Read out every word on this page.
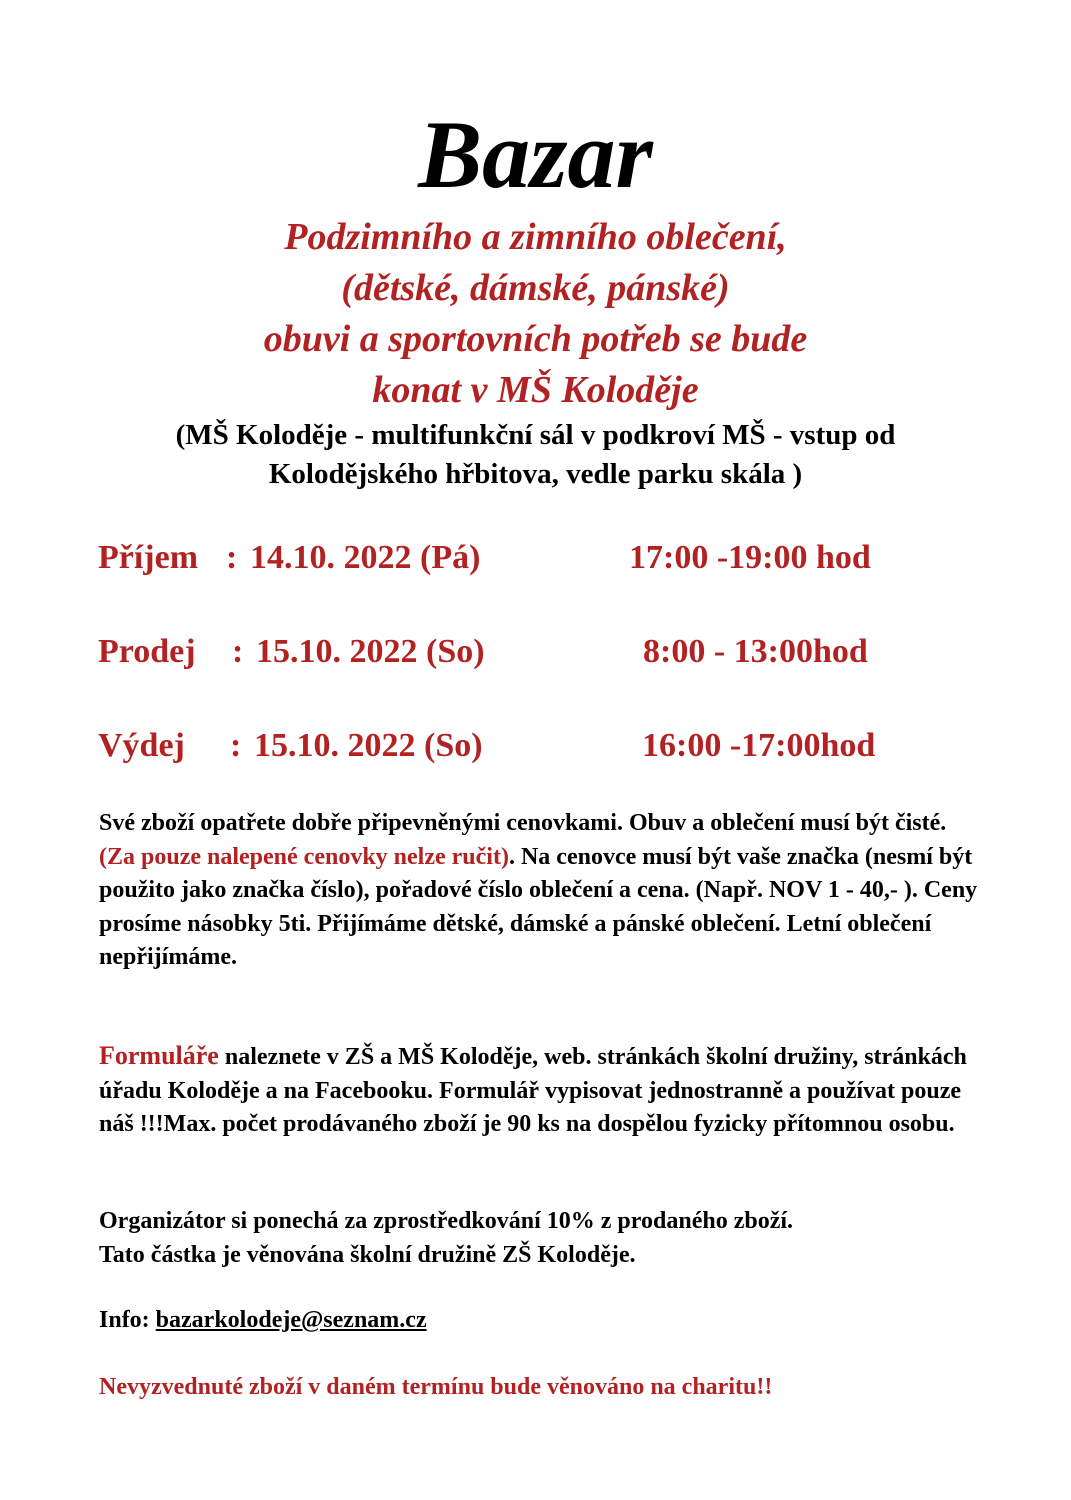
Bazar
Podzimního a zimního oblečení,
(dětské, dámské, pánské)
obuvi a sportovních potřeb se bude
konat v MŠ Koloděje
(MŠ Koloděje - multifunkční sál v podkroví MŠ - vstup od
Kolodějského hřbitova, vedle parku skála )
Příjem : 14.10. 2022 (Pá)	17:00 -19:00 hod
Prodej : 15.10. 2022 (So)	8:00 - 13:00hod
Výdej : 15.10. 2022 (So)	16:00 -17:00hod
Své zboží opatřete dobře připevněnými cenovkami. Obuv a oblečení musí být čisté. (Za pouze nalepené cenovky nelze ručit). Na cenovce musí být vaše značka (nesmí být použito jako značka číslo), pořadové číslo oblečení a cena. (Např. NOV 1 - 40,- ). Ceny prosíme násobky 5ti. Přijímáme dětské, dámské a pánské oblečení. Letní oblečení nepřijímáme.
Formuláře naleznete v ZŠ a MŠ Koloděje, web. stránkách školní družiny, stránkách úřadu Koloděje a na Facebooku. Formulář vypisovat jednostranně a používat pouze náš !!!Max. počet prodávaného zboží je 90 ks na dospělou fyzicky přítomnou osobu.
Organizátor si ponechá za zprostředkování 10% z prodaného zboží.
Tato částka je věnována školní družině ZŠ Koloděje.
Info: bazarkolodeje@seznam.cz
Nevyzvednuté zboží v daném termínu bude věnováno na charitu!!
